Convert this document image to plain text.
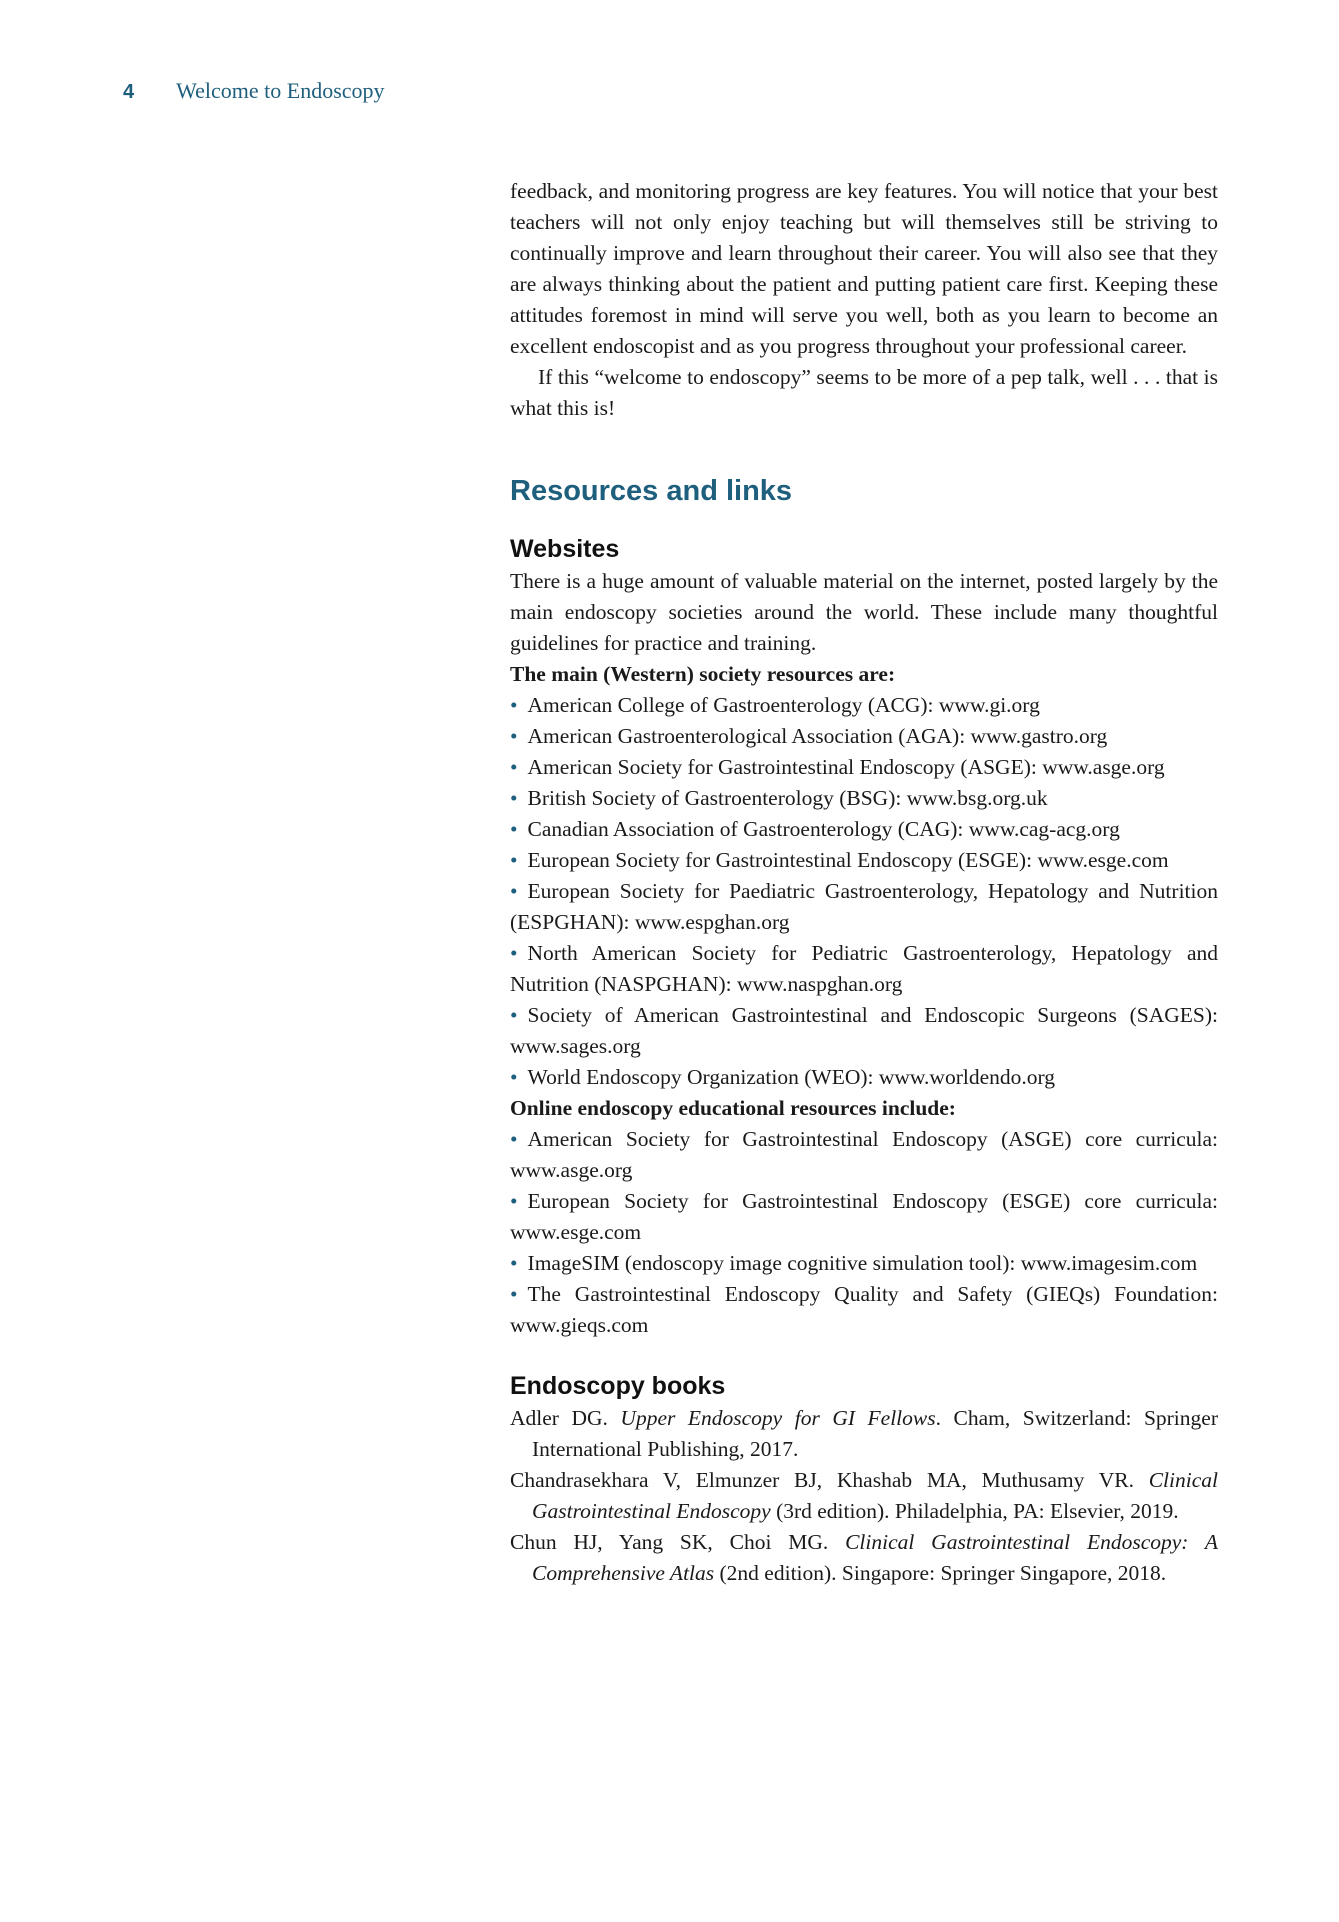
4 Welcome to Endoscopy

feedback, and monitoring progress are key features. You will notice that your best teachers will not only enjoy teaching but will themselves still be striving to continually improve and learn throughout their career. You will also see that they are always thinking about the patient and putting patient care first. Keeping these attitudes foremost in mind will serve you well, both as you learn to become an excellent endoscopist and as you progress throughout your professional career.

If this “welcome to endoscopy” seems to be more of a pep talk, well . . . that is what this is!

Resources and links
Websites

There is a huge amount of valuable material on the internet, posted largely by the main endoscopy societies around the world. These include many thoughtful guidelines for practice and training.

The main (Western) society resources are:

• American College of Gastroenterology (ACG): www.gi.org
• American Gastroenterological Association (AGA): www.gastro.org
• American Society for Gastrointestinal Endoscopy (ASGE): www.asge.org
• British Society of Gastroenterology (BSG): www.bsg.org.uk
• Canadian Association of Gastroenterology (CAG): www.cag-acg.org
• European Society for Gastrointestinal Endoscopy (ESGE): www.esge.com
• European Society for Paediatric Gastroenterology, Hepatology and Nutrition (ESPGHAN): www.espghan.org
• North American Society for Pediatric Gastroenterology, Hepatology and Nutrition (NASPGHAN): www.naspghan.org
• Society of American Gastrointestinal and Endoscopic Surgeons (SAGES): www.sages.org
• World Endoscopy Organization (WEO): www.worldendo.org

Online endoscopy educational resources include:

• American Society for Gastrointestinal Endoscopy (ASGE) core curricula: www.asge.org
• European Society for Gastrointestinal Endoscopy (ESGE) core curricula: www.esge.com
• ImageSIM (endoscopy image cognitive simulation tool): www.imagesim.com
• The Gastrointestinal Endoscopy Quality and Safety (GIEQs) Foundation: www.gieqs.com
Endoscopy books

Adler DG. Upper Endoscopy for GI Fellows. Cham, Switzerland: Springer International Publishing, 2017.

Chandrasekhara V, Elmunzer BJ, Khashab MA, Muthusamy VR. Clinical Gastrointestinal Endoscopy (3rd edition). Philadelphia, PA: Elsevier, 2019.

Chun HJ, Yang SK, Choi MG. Clinical Gastrointestinal Endoscopy: A Comprehensive Atlas (2nd edition). Singapore: Springer Singapore, 2018.
